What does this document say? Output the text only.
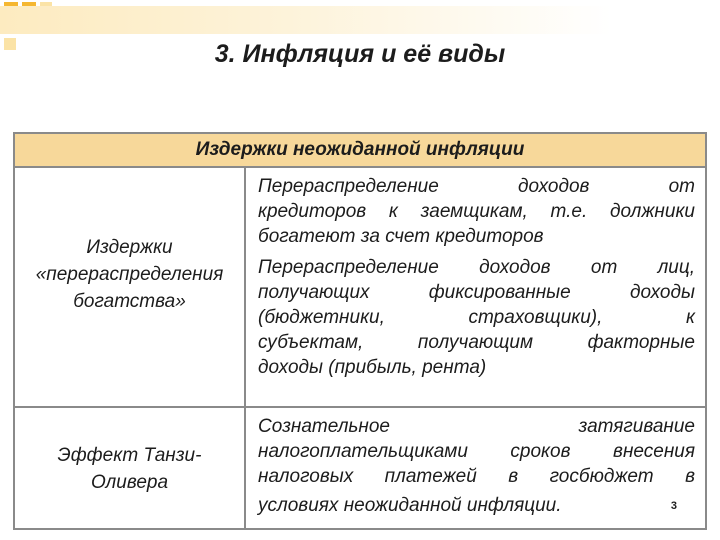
3. Инфляция и её виды
Издержки неожиданной инфляции
Издержки
«перераспределения
богатства»

Перераспределение доходов от
кредиторов к заемщикам, т.е. должники
богатеют за счет кредиторов

Перераспределение доходов от лиц,
получающих фиксированные доходы
(бюджетники, страховщики), к
субъектам, получающим факторные
доходы (прибыль, рента)

Эффект Танзи-
Оливера

Сознательное затягивание
налогоплательщиками сроков внесения
налоговых платежей в госбюджет в
условиях неожиданной инфляции.	3
